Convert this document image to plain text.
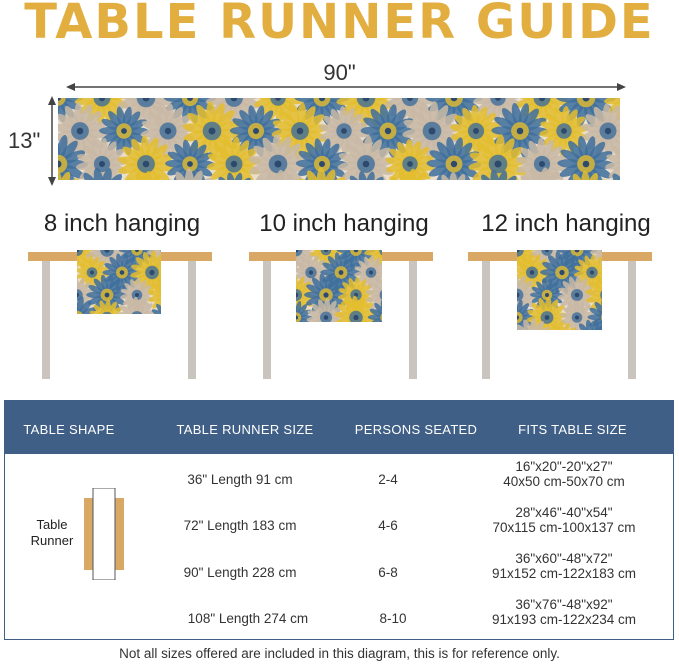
TABLE RUNNER GUIDE
90"
13"
8 inch hanging	10 inch hanging	12 inch hanging
TABLE SHAPE	TABLE RUNNER SIZE	PERSONS SEATED	FITS TABLE SIZE
Table
Runner
36" Length 91 cm	2-4
16"x20"-20"x27"
40x50 cm-50x70 cm
72" Length 183 cm	4-6
28"x46"-40"x54"
70x115 cm-100x137 cm
90" Length 228 cm	6-8
36"x60"-48"x72"
91x152 cm-122x183 cm
108" Length 274 cm	8-10
36"x76"-48"x92"
91x193 cm-122x234 cm
Not all sizes offered are included in this diagram, this is for reference only.
